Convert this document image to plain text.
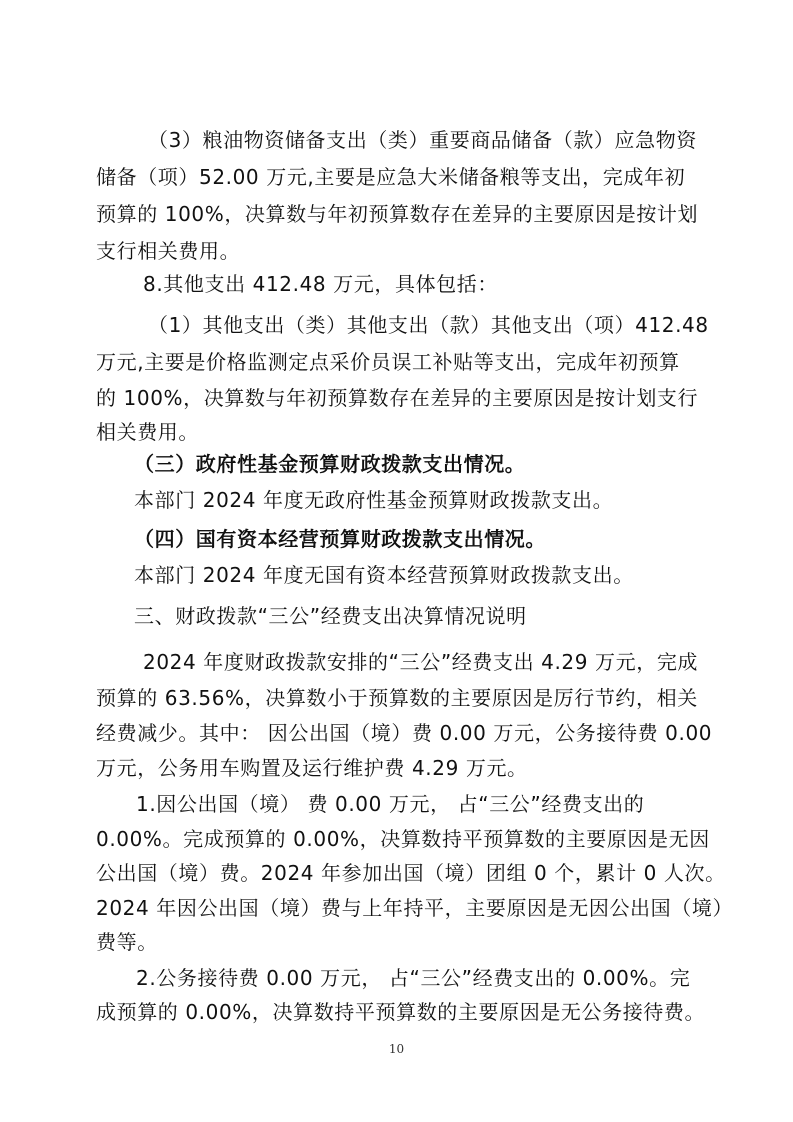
（3）粮油物资储备支出（类）重要商品储备（款）应急物资
储备（项）52.00 万元,主要是应急大米储备粮等支出，完成年初
预算的 100%，决算数与年初预算数存在差异的主要原因是按计划
支行相关费用。
8.其他支出 412.48 万元，具体包括：
（1）其他支出（类）其他支出（款）其他支出（项）412.48
万元,主要是价格监测定点采价员误工补贴等支出，完成年初预算
的 100%，决算数与年初预算数存在差异的主要原因是按计划支行
相关费用。
（三）政府性基金预算财政拨款支出情况。
本部门 2024 年度无政府性基金预算财政拨款支出。
（四）国有资本经营预算财政拨款支出情况。
本部门 2024 年度无国有资本经营预算财政拨款支出。
三、财政拨款“三公”经费支出决算情况说明
2024 年度财政拨款安排的“三公”经费支出 4.29 万元，完成
预算的 63.56%，决算数小于预算数的主要原因是厉行节约，相关
经费减少。其中： 因公出国（境）费 0.00 万元，公务接待费 0.00
万元，公务用车购置及运行维护费 4.29 万元。
1.因公出国（境） 费 0.00 万元， 占“三公”经费支出的
0.00%。完成预算的 0.00%，决算数持平预算数的主要原因是无因
公出国（境）费。2024 年参加出国（境）团组 0 个，累计 0 人次。
2024 年因公出国（境）费与上年持平，主要原因是无因公出国（境）
费等。
2.公务接待费 0.00 万元， 占“三公”经费支出的 0.00%。完
成预算的 0.00%，决算数持平预算数的主要原因是无公务接待费。
10
